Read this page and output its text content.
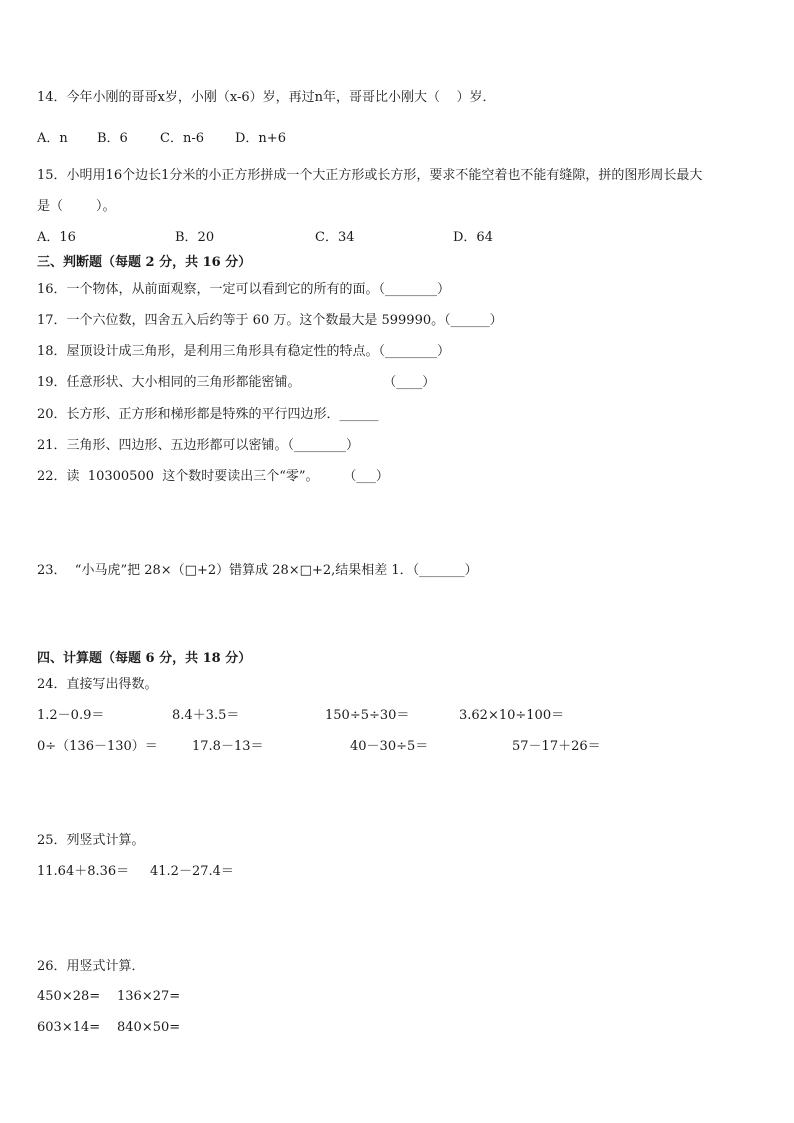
14．今年小刚的哥哥x岁，小刚（x-6）岁，再过n年，哥哥比小刚大（    ）岁．
A．n B．6 C．n-6 D．n+6
15．小明用16个边长1分米的小正方形拼成一个大正方形或长方形，要求不能空着也不能有缝隙，拼的图形周长最大
是（        ）。
A．16	B．20	C．34	D．64
三、判断题（每题 2 分，共 16 分）
16．一个物体，从前面观察，一定可以看到它的所有的面。（________）
17．一个六位数，四舍五入后约等于 60 万。这个数最大是 599990。（______）
18．屋顶设计成三角形，是利用三角形具有稳定性的特点。（________）
19．任意形状、大小相同的三角形都能密铺。                    （____）
20．长方形、正方形和梯形都是特殊的平行四边形．______
21．三角形、四边形、五边形都可以密铺。（________）
22．读  10300500  这个数时要读出三个“零”。      （___）
23．  “小马虎”把 28×（□+2）错算成 28×□+2,结果相差 1．（_______）
四、计算题（每题 6 分，共 18 分）
24．直接写出得数。
1.2－0.9＝	8.4＋3.5＝	150÷5÷30＝	3.62×10÷100＝
0÷（136－130）＝	17.8－13＝	40－30÷5＝	57－17＋26＝
25．列竖式计算。
11.64＋8.36＝ 41.2－27.4＝
26．用竖式计算．
450×28= 136×27=
603×14= 840×50=
